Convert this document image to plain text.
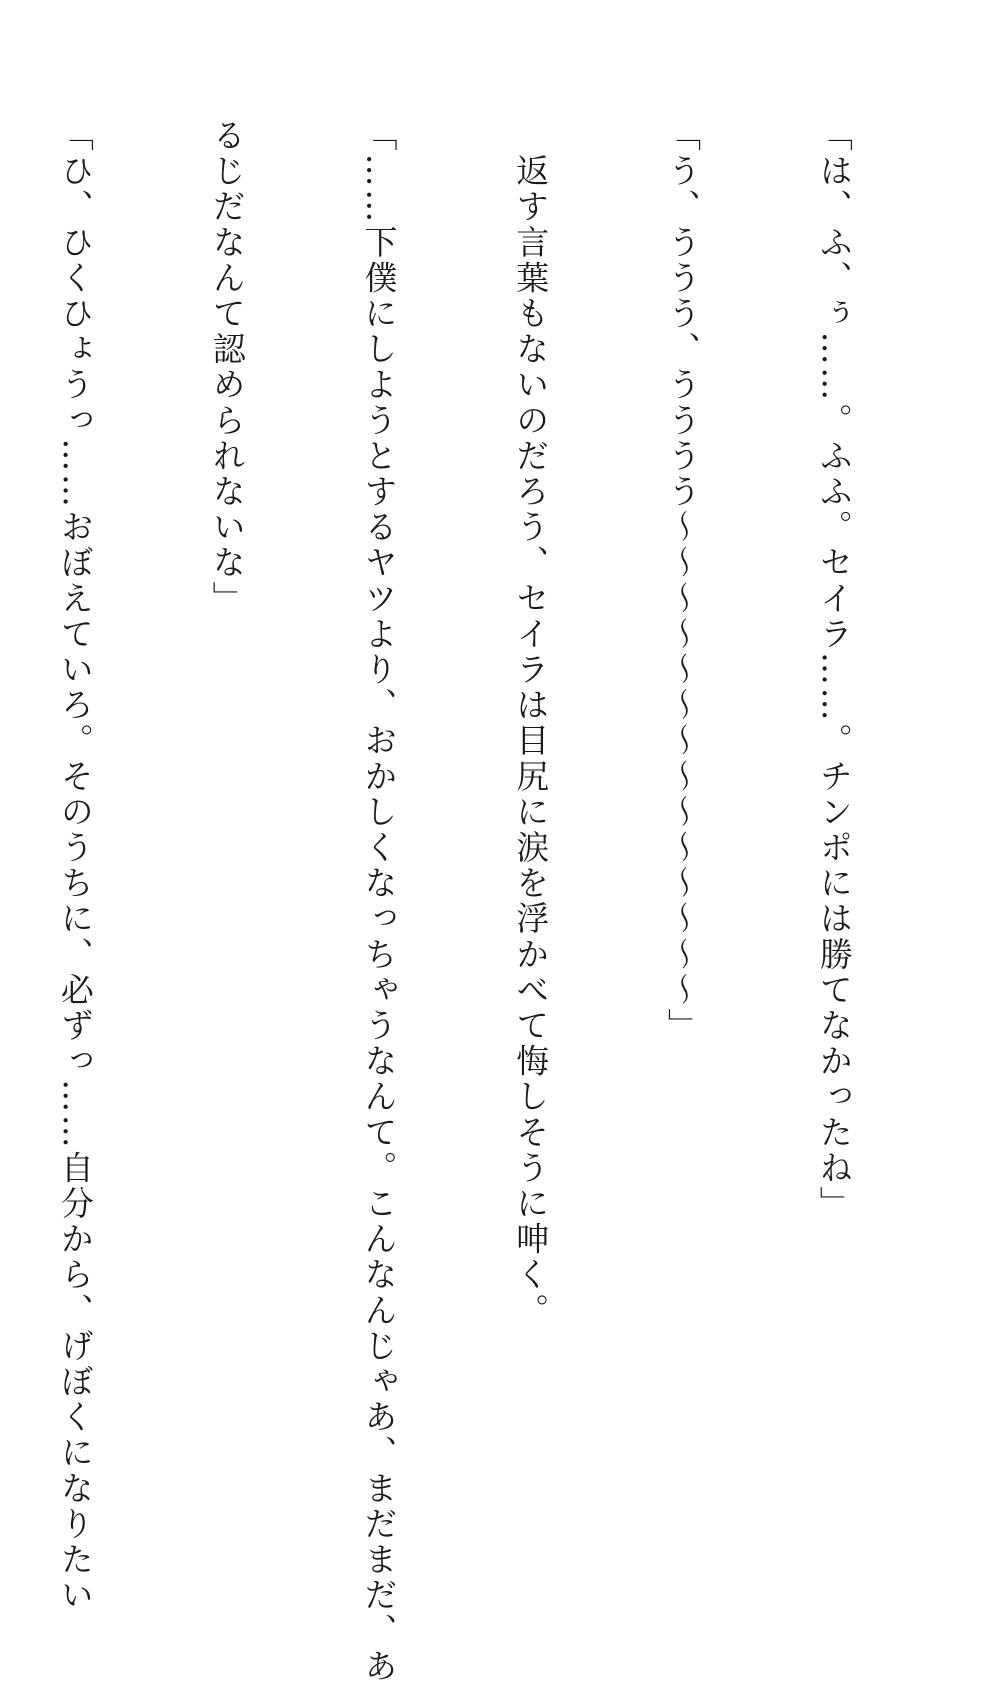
「は、ふ、ぅ……。ふふ。セイラ……。チンポには勝てなかったね」

「う、ううう、うううう〜〜〜〜〜〜〜〜〜〜〜〜〜〜」

　返す言葉もないのだろう、セイラは目尻に涙を浮かべて悔しそうに呻く。

「……下僕にしようとするヤツより、おかしくなっちゃうなんて。こんなんじゃあ、まだまだ、あ

るじだなんて認められないな」

「ひ、ひくひょうっ……おぼえていろ。そのうちに、必ずっ……自分から、げぼくになりたい
